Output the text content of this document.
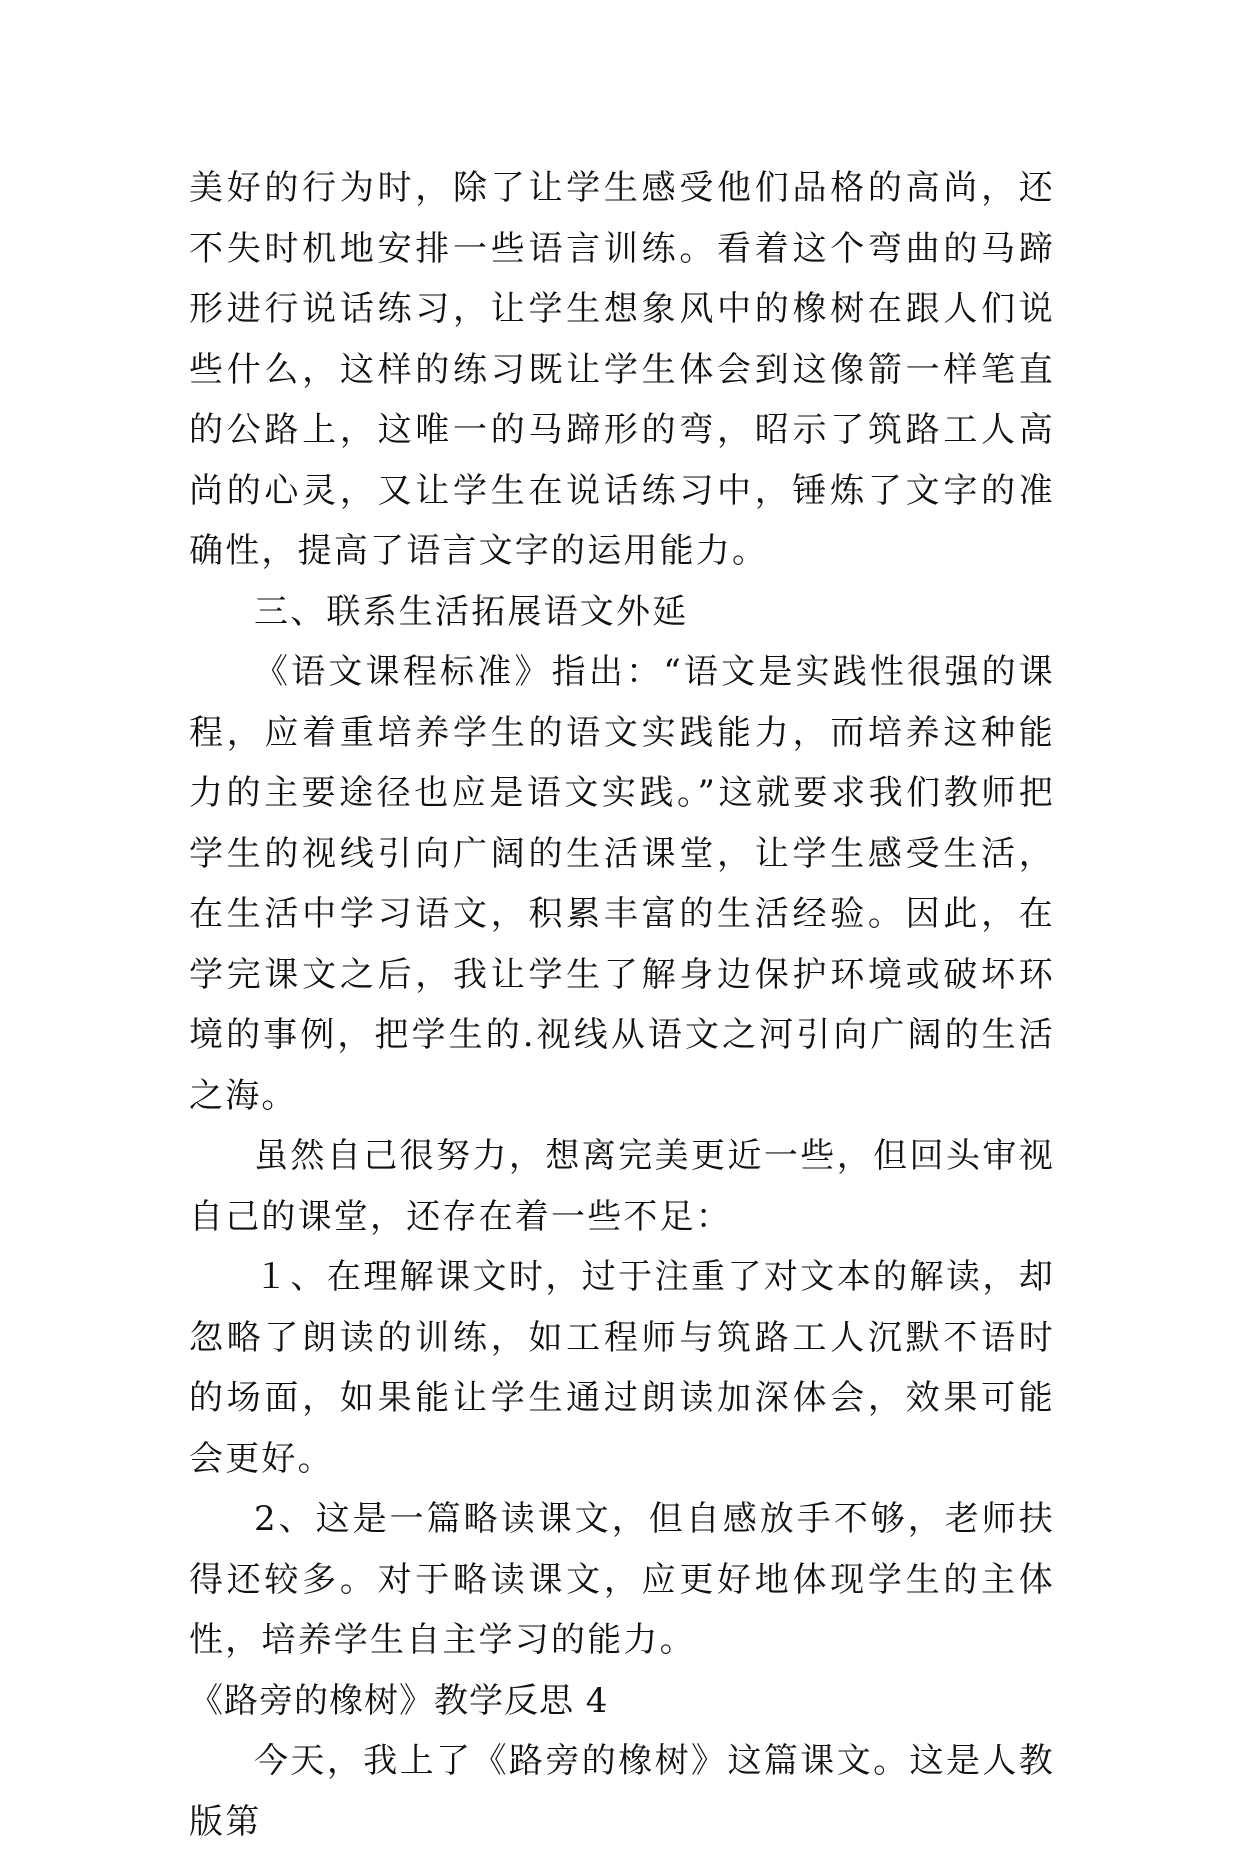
美好的行为时，除了让学生感受他们品格的高尚，还不失时机地安排一些语言训练。看着这个弯曲的马蹄形进行说话练习，让学生想象风中的橡树在跟人们说些什么，这样的练习既让学生体会到这像箭一样笔直的公路上，这唯一的马蹄形的弯，昭示了筑路工人高尚的心灵，又让学生在说话练习中，锤炼了文字的准确性，提高了语言文字的运用能力。

三、联系生活拓展语文外延

《语文课程标准》指出：“语文是实践性很强的课程，应着重培养学生的语文实践能力，而培养这种能力的主要途径也应是语文实践。”这就要求我们教师把学生的视线引向广阔的生活课堂，让学生感受生活，在生活中学习语文，积累丰富的生活经验。因此，在学完课文之后，我让学生了解身边保护环境或破坏环境的事例，把学生的.视线从语文之河引向广阔的生活之海。

虽然自己很努力，想离完美更近一些，但回头审视自己的课堂，还存在着一些不足：

１、在理解课文时，过于注重了对文本的解读，却忽略了朗读的训练，如工程师与筑路工人沉默不语时的场面，如果能让学生通过朗读加深体会，效果可能会更好。

2、这是一篇略读课文，但自感放手不够，老师扶得还较多。对于略读课文，应更好地体现学生的主体性，培养学生自主学习的能力。

《路旁的橡树》教学反思 4

今天，我上了《路旁的橡树》这篇课文。这是人教版第
